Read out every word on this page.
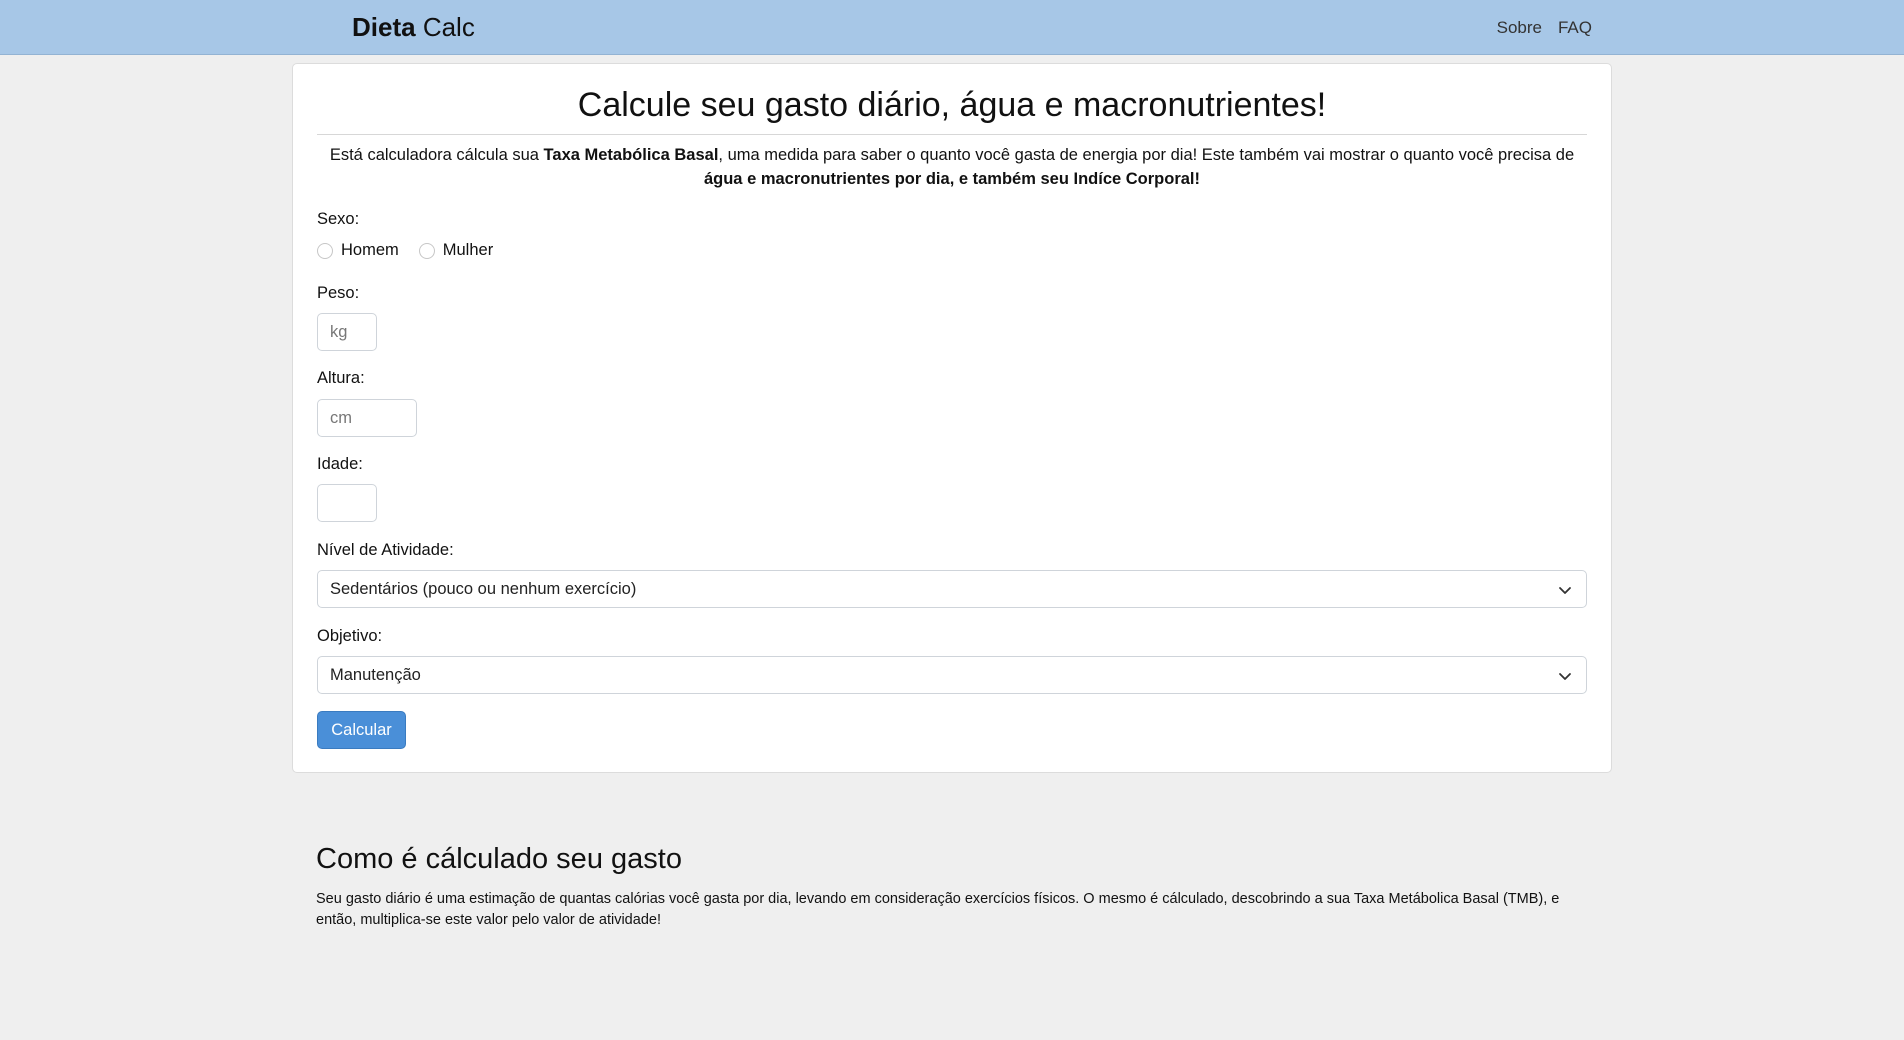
Dieta Calc	Sobre FAQ
Calcule seu gasto diário, água e macronutrientes!

Está calculadora cálcula sua Taxa Metabólica Basal, uma medida para saber o quanto você gasta de energia por dia! Este também vai mostrar o quanto você precisa de água e macronutrientes por dia, e também seu Indíce Corporal!

Sexo:
Homem	Mulher
Peso:
kg
Altura:
cm
Idade:
Nível de Atividade:
Sedentários (pouco ou nenhum exercício)
Objetivo:
Manutenção
Calcular
Como é cálculado seu gasto

Seu gasto diário é uma estimação de quantas calórias você gasta por dia, levando em consideração exercícios físicos. O mesmo é cálculado, descobrindo a sua Taxa Metábolica Basal (TMB), e então, multiplica-se este valor pelo valor de atividade!
